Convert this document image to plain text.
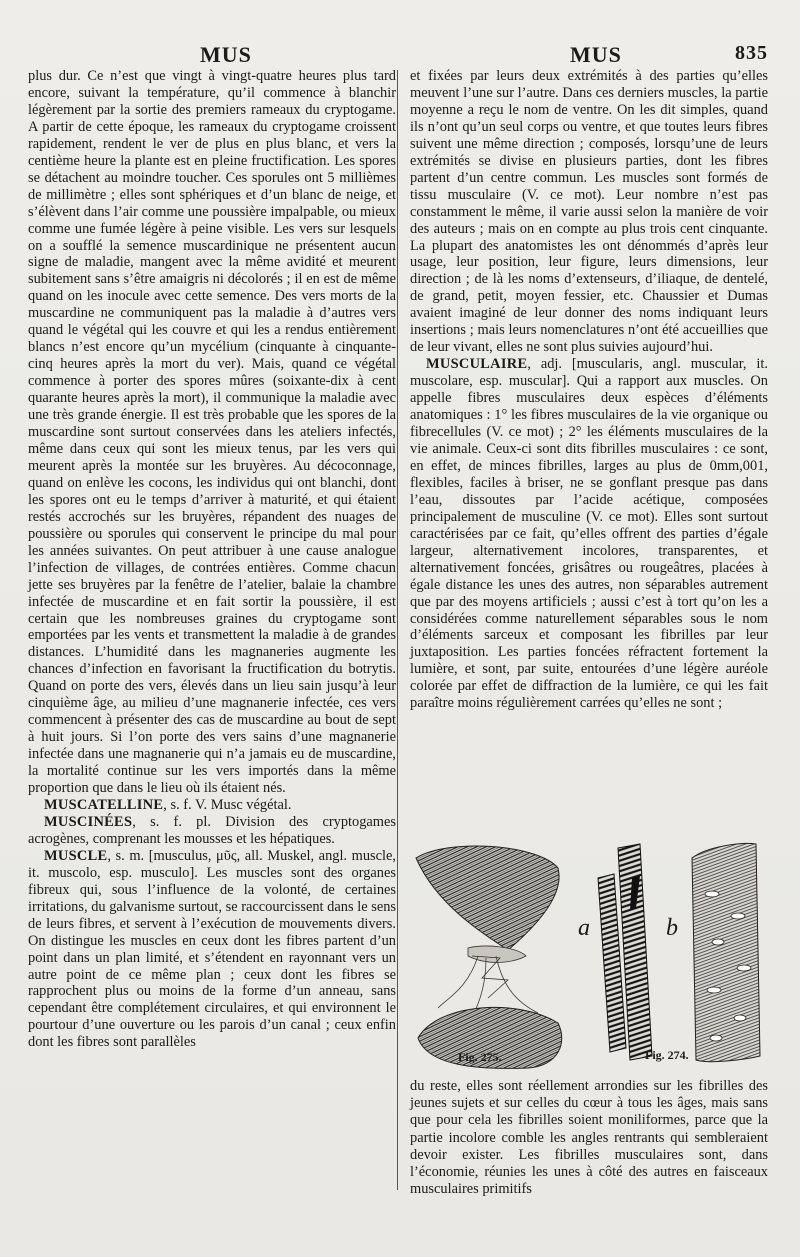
MUS	MUS	835

plus dur. Ce n’est que vingt à vingt-quatre heures plus tard encore, suivant la température, qu’il commence à blanchir légèrement par la sortie des premiers rameaux du cryptogame. A partir de cette époque, les rameaux du cryptogame croissent rapidement, rendent le ver de plus en plus blanc, et vers la centième heure la plante est en pleine fructification. Les spores se détachent au moindre toucher. Ces sporules ont 5 millièmes de millimètre ; elles sont sphériques et d’un blanc de neige, et s’élèvent dans l’air comme une poussière impalpable, ou mieux comme une fumée légère à peine visible. Les vers sur lesquels on a soufflé la semence muscardinique ne présentent aucun signe de maladie, mangent avec la même avidité et meurent subitement sans s’être amaigris ni décolorés ; il en est de même quand on les inocule avec cette semence. Des vers morts de la muscardine ne communiquent pas la maladie à d’autres vers quand le végétal qui les couvre et qui les a rendus entièrement blancs n’est encore qu’un mycélium (cinquante à cinquante-cinq heures après la mort du ver). Mais, quand ce végétal commence à porter des spores mûres (soixante-dix à cent quarante heures après la mort), il communique la maladie avec une très grande énergie. Il est très probable que les spores de la muscardine sont surtout conservées dans les ateliers infectés, même dans ceux qui sont les mieux tenus, par les vers qui meurent après la montée sur les bruyères. Au décoconnage, quand on enlève les cocons, les individus qui ont blanchi, dont les spores ont eu le temps d’arriver à maturité, et qui étaient restés accrochés sur les bruyères, répandent des nuages de poussière ou sporules qui conservent le principe du mal pour les années suivantes. On peut attribuer à une cause analogue l’infection de villages, de contrées entières. Comme chacun jette ses bruyères par la fenêtre de l’atelier, balaie la chambre infectée de muscardine et en fait sortir la poussière, il est certain que les nombreuses graines du cryptogame sont emportées par les vents et transmettent la maladie à de grandes distances. L’humidité dans les magnaneries augmente les chances d’infection en favorisant la fructification du botrytis. Quand on porte des vers, élevés dans un lieu sain jusqu’à leur cinquième âge, au milieu d’une magnanerie infectée, ces vers commencent à présenter des cas de muscardine au bout de sept à huit jours. Si l’on porte des vers sains d’une magnanerie infectée dans une magnanerie qui n’a jamais eu de muscardine, la mortalité continue sur les vers importés dans la même proportion que dans le lieu où ils étaient nés.

MUSCATELLINE, s. f. V. Musc végétal.

MUSCINÉES, s. f. pl. Division des cryptogames acrogènes, comprenant les mousses et les hépatiques.

MUSCLE, s. m. [musculus, μῦς, all. Muskel, angl. muscle, it. muscolo, esp. musculo]. Les muscles sont des organes fibreux qui, sous l’influence de la volonté, de certaines irritations, du galvanisme surtout, se raccourcissent dans le sens de leurs fibres, et servent à l’exécution de mouvements divers. On distingue les muscles en ceux dont les fibres partent d’un point dans un plan limité, et s’étendent en rayonnant vers un autre point de ce même plan ; ceux dont les fibres se rapprochent plus ou moins de la forme d’un anneau, sans cependant être complétement circulaires, et qui environnent le pourtour d’une ouverture ou les parois d’un canal ; ceux enfin dont les fibres sont parallèles

et fixées par leurs deux extrémités à des parties qu’elles meuvent l’une sur l’autre. Dans ces derniers muscles, la partie moyenne a reçu le nom de ventre. On les dit simples, quand ils n’ont qu’un seul corps ou ventre, et que toutes leurs fibres suivent une même direction ; composés, lorsqu’une de leurs extrémités se divise en plusieurs parties, dont les fibres partent d’un centre commun. Les muscles sont formés de tissu musculaire (V. ce mot). Leur nombre n’est pas constamment le même, il varie aussi selon la manière de voir des auteurs ; mais on en compte au plus trois cent cinquante. La plupart des anatomistes les ont dénommés d’après leur usage, leur position, leur figure, leurs dimensions, leur direction ; de là les noms d’extenseurs, d’iliaque, de dentelé, de grand, petit, moyen fessier, etc. Chaussier et Dumas avaient imaginé de leur donner des noms indiquant leurs insertions ; mais leurs nomenclatures n’ont été accueillies que de leur vivant, elles ne sont plus suivies aujourd’hui.

MUSCULAIRE, adj. [muscularis, angl. muscular, it. muscolare, esp. muscular]. Qui a rapport aux muscles. On appelle fibres musculaires deux espèces d’éléments anatomiques : 1° les fibres musculaires de la vie organique ou fibrecellules (V. ce mot) ; 2° les éléments musculaires de la vie animale. Ceux-ci sont dits fibrilles musculaires : ce sont, en effet, de minces fibrilles, larges au plus de 0mm,001, flexibles, faciles à briser, ne se gonflant presque pas dans l’eau, dissoutes par l’acide acétique, composées principalement de musculine (V. ce mot). Elles sont surtout caractérisées par ce fait, qu’elles offrent des parties d’égale largeur, alternativement incolores, transparentes, et alternativement foncées, grisâtres ou rougeâtres, placées à égale distance les unes des autres, non séparables autrement que par des moyens artificiels ; aussi c’est à tort qu’on les a considérées comme naturellement séparables sous le nom d’éléments sarceux et composant les fibrilles par leur juxtaposition. Les parties foncées réfractent fortement la lumière, et sont, par suite, entourées d’une légère auréole colorée par effet de diffraction de la lumière, ce qui les fait paraître moins régulièrement carrées qu’elles ne sont ;

a	b
Fig. 275.	Fig. 274.

du reste, elles sont réellement arrondies sur les fibrilles des jeunes sujets et sur celles du cœur à tous les âges, mais sans que pour cela les fibrilles soient moniliformes, parce que la partie incolore comble les angles rentrants qui sembleraient devoir exister. Les fibrilles musculaires sont, dans l’économie, réunies les unes à côté des autres en faisceaux musculaires primitifs
